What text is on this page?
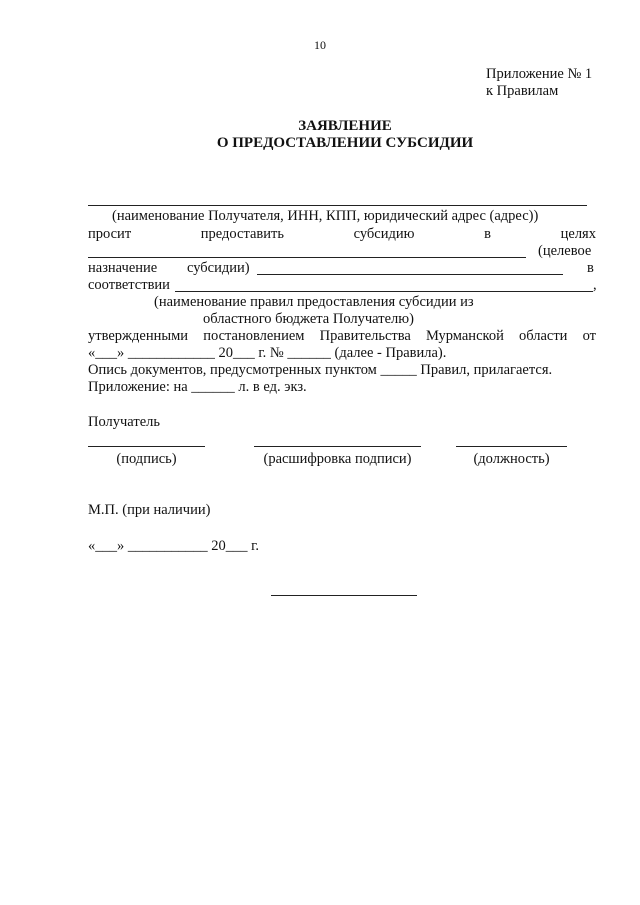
10
Приложение № 1
к Правилам
ЗАЯВЛЕНИЕ
О ПРЕДОСТАВЛЕНИИ СУБСИДИИ
(наименование Получателя, ИНН, КПП, юридический адрес (адрес))
просит	предоставить	субсидию	в	целях
(целевое
назначение субсидии)	в
соответствии	,
(наименование правил предоставления субсидии из
областного бюджета Получателю)
утвержденными постановлением Правительства Мурманской области от
«___» ____________ 20___ г. № ______ (далее - Правила).
Опись документов, предусмотренных пунктом _____ Правил, прилагается.
Приложение: на ______ л. в ед. экз.
Получатель
(подпись)	(расшифровка подписи)	(должность)
М.П. (при наличии)
«___» ___________ 20___ г.
